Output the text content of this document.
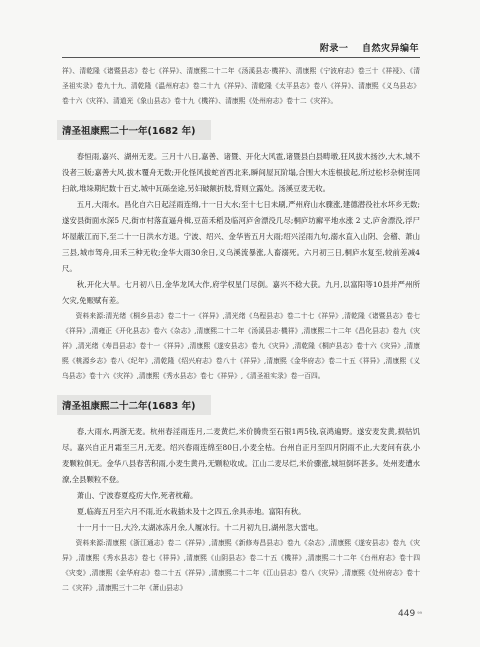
附录一 自然灾异编年

祥》、清乾隆《诸暨县志》卷七《祥异》、清康熙二十二年《汤溪县志·機祥》、清康熙《宁波府志》卷三十《祥祲》、《清圣祖实录》卷九十九、清乾隆《温州府志》卷二十九《祥异》、清乾隆《太平县志》卷八《祥异》、清康熙《义乌县志》卷十六《灾祥》、清道光《象山县志》卷十九《機祥》、清康熙《处州府志》卷十二《灾祥》。

清圣祖康熙二十一年(1682 年)

春恒雨,嘉兴、湖州无麦。三月十八日,嘉善、诸暨、开化大风雹,诸暨县白县畴墩,狂风拔木扬沙,大木,城不没者三版;嘉善大风,拔木覆舟无数;开化怪风拔蛇首西北来,瞬间屋瓦阶塌,合围大木连根拔起,所过松杉杂树连同扫歆,堆垛期纪数十百丈,城中瓦砾垒途,另妇破额折肢,背则立露处。汤溪豆麦无收。

五月,大雨水。昌化自六日起淫雨连绵,十一日大水;至十七日未刷,严州府山水骤涨,建德潜役社水坏乡无数;遂安县街面水深5 尺,街市村落直逼舟楫,豆苗禾稻及临河庐舍漂没几尽;桐庐坊廨平地水涨 2 丈,庐舍漂没,浮尸坏屋蔽江而下,至二十一日洪水方退。宁波、绍兴、金华皆五月大雨;绍兴淫雨九句,溺水直入山阴、会稽、萧山三县,城市驾舟,田禾三种无收;金华大雨30余日,义乌溪流暴涨,人畜溺死。六月初三日,桐庐水复至,较前差减4 尺。

秋,开化大旱。七月初八日,金华龙风大作,府学权星门尽倒。嘉兴不稔大获。九月,以富阳等10县并严州所欠灾,免赈赋有差。

资料来源:清光绪《桐乡县志》卷二十一《祥异》,清光绪《乌程县志》卷二十七《祥异》,清乾隆《诸暨县志》卷七《祥异》,清雍正《开化县志》卷六《杂志》,清康熙二十二年《汤溪县志·機祥》,清康熙二十二年《昌化县志》卷九《灾祥》,清光绪《寿昌县志》卷十一《祥异》,清康熙《遂安县志》卷九《灾异》,清乾隆《桐庐县志》卷十六《灾异》,清康熙《桃源乡志》卷八《纪年》,清乾隆《绍兴府志》卷八十《祥异》,清康熙《金华府志》卷二十五《祥异》,清康熙《义乌县志》卷十六《灾祥》,清康熙《秀水县志》卷七《祥异》,《清圣祖实录》卷一百四。

清圣祖康熙二十二年(1683 年)

春,大雨水,两浙无麦。杭州春淫雨连月,二麦黄烂,米价腾贵至石银1两5钱,哀鸿遍野。遂安麦发黄,损牯饥尽。嘉兴自正月霜至三月,无麦。绍兴春雨连绵至80日,小麦全枯。台州自正月至四月阴雨不止,大麦问有获,小麦颗粒俱无。金华八县春苦积雨,小麦生黄丹,无颗粒收成。江山二麦尽烂,米价骤涨,城垣倒坏甚多。处州麦遭水潦,全县颗粒不登。

萧山、宁波春夏疫疠大作,死者枕藉。

夏,临海五月至六月不雨,近水栽插未及十之四五,余具赤地。富阳有秋。

十一月十一日,大冷,太湖冰冻月余,人履冰行。十二月初九日,湖州忽大雷电。

资料来源:清康熙《浙江通志》卷二《祥异》,清康熙《新修寿昌县志》卷九《杂志》,清康熙《遂安县志》卷九《灾异》,清康熙《秀水县志》卷七《祥异》,清康熙《山阴县志》卷二十五《機祥》,清康熙二十二年《台州府志》卷十四《灾变》,清康熙《金华府志》卷二十五《祥异》,清康熙二十二年《江山县志》卷八《灾异》,清康熙《处州府志》卷十二《灾祥》,清康熙三十二年《萧山县志》

449 ⁹⁹
